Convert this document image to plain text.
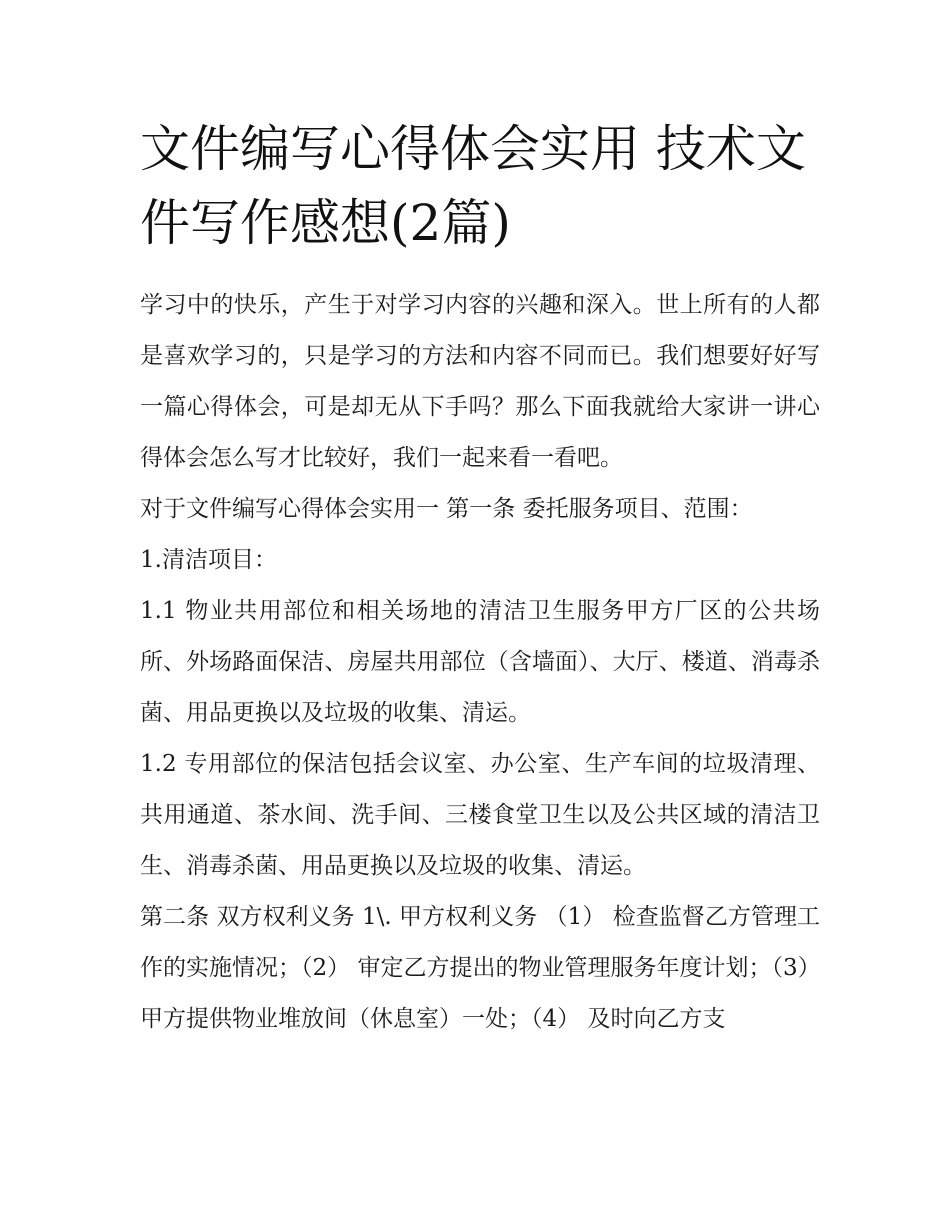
文件编写心得体会实用 技术文件写作感想(2篇)

学习中的快乐，产生于对学习内容的兴趣和深入。世上所有的人都是喜欢学习的，只是学习的方法和内容不同而已。我们想要好好写一篇心得体会，可是却无从下手吗？那么下面我就给大家讲一讲心得体会怎么写才比较好，我们一起来看一看吧。

对于文件编写心得体会实用一 第一条 委托服务项目、范围：

1.清洁项目：

1.1 物业共用部位和相关场地的清洁卫生服务甲方厂区的公共场所、外场路面保洁、房屋共用部位（含墙面）、大厅、楼道、消毒杀菌、用品更换以及垃圾的收集、清运。

1.2 专用部位的保洁包括会议室、办公室、生产车间的垃圾清理、共用通道、茶水间、洗手间、三楼食堂卫生以及公共区域的清洁卫生、消毒杀菌、用品更换以及垃圾的收集、清运。

第二条 双方权利义务 1\. 甲方权利义务 （1） 检查监督乙方管理工作的实施情况；（2） 审定乙方提出的物业管理服务年度计划；（3）

甲方提供物业堆放间（休息室）一处；（4） 及时向乙方支
